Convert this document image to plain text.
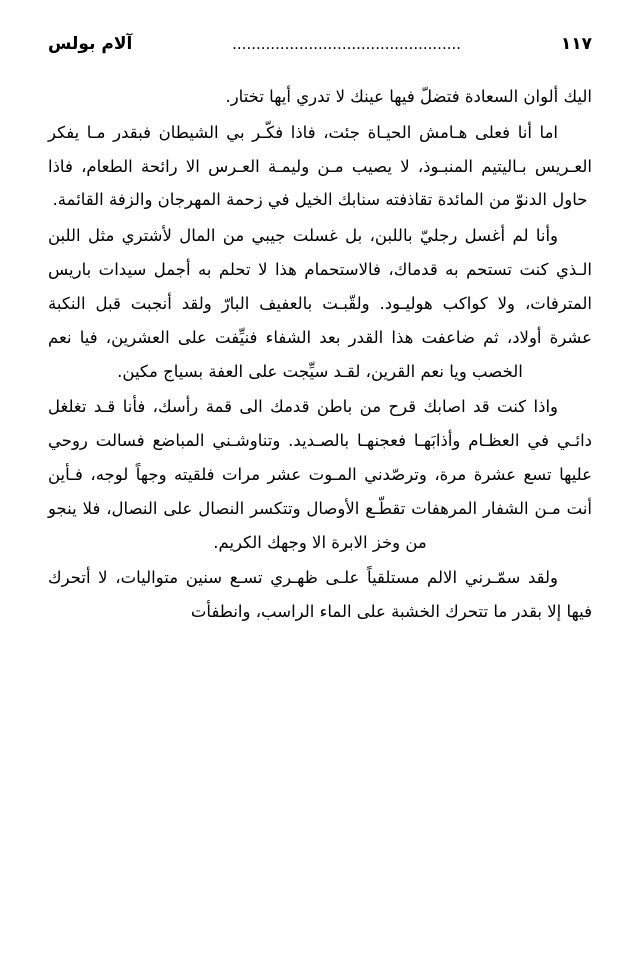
آلام بولس	................................................	١١٧

اليك ألوان السعادة فتضلّ فيها عينك لا تدري أيها تختار.

اما أنا فعلى هـامش الحيـاة جئت، فاذا فكّـر بي الشيطان فبقدر مـا يفكر العـريس بـاليتيم المنبـوذ، لا يصيب مـن وليمـة العـرس الا رائحة الطعام، فاذا حاول الدنوّ من المائدة تقاذفته سنابك الخيل في زحمة المهرجان والزفة القائمة.

وأنا لم أغسل رجليّ باللبن، بل غسلت جيبي من المال لأشتري مثل اللبن الـذي كنت تستحم به قدماك، فالاستحمام هذا لا تحلم به أجمل سيدات باريس المترفات، ولا كواكب هوليـود. ولقّبـت بالعفيف البارّ ولقد أنجبت قبل النكبة عشرة أولاد، ثم ضاعفت هذا القدر بعد الشفاء فنيِّفت على العشرين، فيا نعم الخصب ويا نعم القرين، لقـد سيِّجت على العفة بسياج مكين.

واذا كنت قد اصابك قرح من باطن قدمك الى قمة رأسك، فأنا قـد تغلغل دائـي في العظـام وأذابَهـا فعجنهـا بالصـديد. وتناوشـني المباضع فسالت روحي عليها تسع عشرة مرة، وترصّدني المـوت عشر مرات فلقيته وجهاً لوجه، فـأين أنت مـن الشفار المرهفات تقطّـع الأوصال وتتكسر النصال على النصال، فلا ينجو من وخز الابرة الا وجهك الكريم.

ولقد سمّـرني الالم مستلقياً علـى ظهـري تسـع سنين متواليات، لا أتحرك فيها إلا بقدر ما تتحرك الخشبة على الماء الراسب، وانطفأت
